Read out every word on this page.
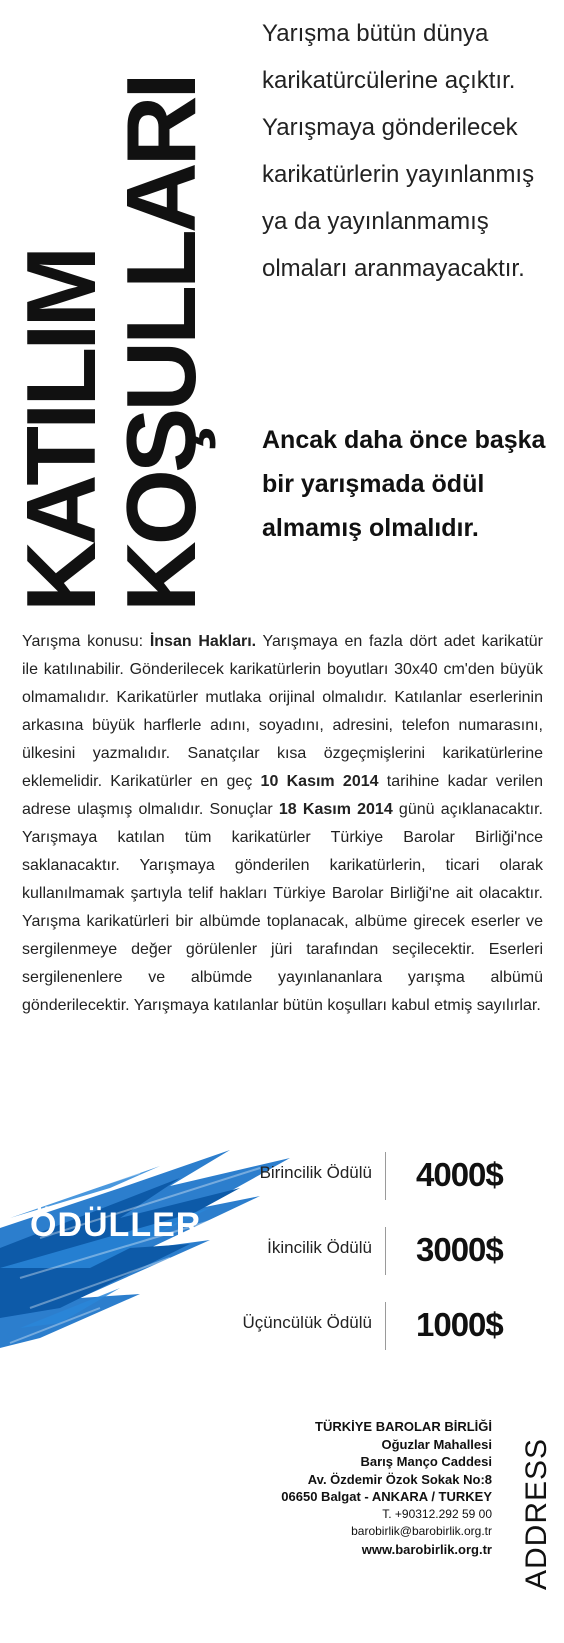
KATILIM
KOŞULLARI
Yarışma bütün dünya karikatürcülerine açıktır. Yarışmaya gönderilecek karikatürlerin yayınlanmış ya da yayınlanmamış olmaları aranmayacaktır.
Ancak daha önce başka bir yarışmada ödül almamış olmalıdır.
Yarışma konusu: İnsan Hakları. Yarışmaya en fazla dört adet karikatür ile katılınabilir. Gönderilecek karikatürlerin boyutları 30x40 cm'den büyük olmamalıdır. Karikatürler mutlaka orijinal olmalıdır. Katılanlar eserlerinin arkasına büyük harflerle adını, soyadını, adresini, telefon numarasını, ülkesini yazmalıdır. Sanatçılar kısa özgeçmişlerini karikatürlerine eklemelidir. Karikatürler en geç 10 Kasım 2014 tarihine kadar verilen adrese ulaşmış olmalıdır. Sonuçlar 18 Kasım 2014 günü açıklanacaktır. Yarışmaya katılan tüm karikatürler Türkiye Barolar Birliği'nce saklanacaktır. Yarışmaya gönderilen karikatürlerin, ticari olarak kullanılmamak şartıyla telif hakları Türkiye Barolar Birliği'ne ait olacaktır. Yarışma karikatürleri bir albümde toplanacak, albüme girecek eserler ve sergilenmeye değer görülenler jüri tarafından seçilecektir. Eserleri sergilenenlere ve albümde yayınlananlara yarışma albümü gönderilecektir. Yarışmaya katılanlar bütün koşulları kabul etmiş sayılırlar.
ÖDÜLLER
Birincilik Ödülü 4000$
İkincilik Ödülü 3000$
Üçüncülük Ödülü 1000$
TÜRKİYE BAROLAR BİRLİĞİ
Oğuzlar Mahallesi
Barış Manço Caddesi
Av. Özdemir Özok Sokak No:8
06650 Balgat - ANKARA / TURKEY
T. +90312.292 59 00
barobirlik@barobirlik.org.tr
www.barobirlik.org.tr ADDRESS
